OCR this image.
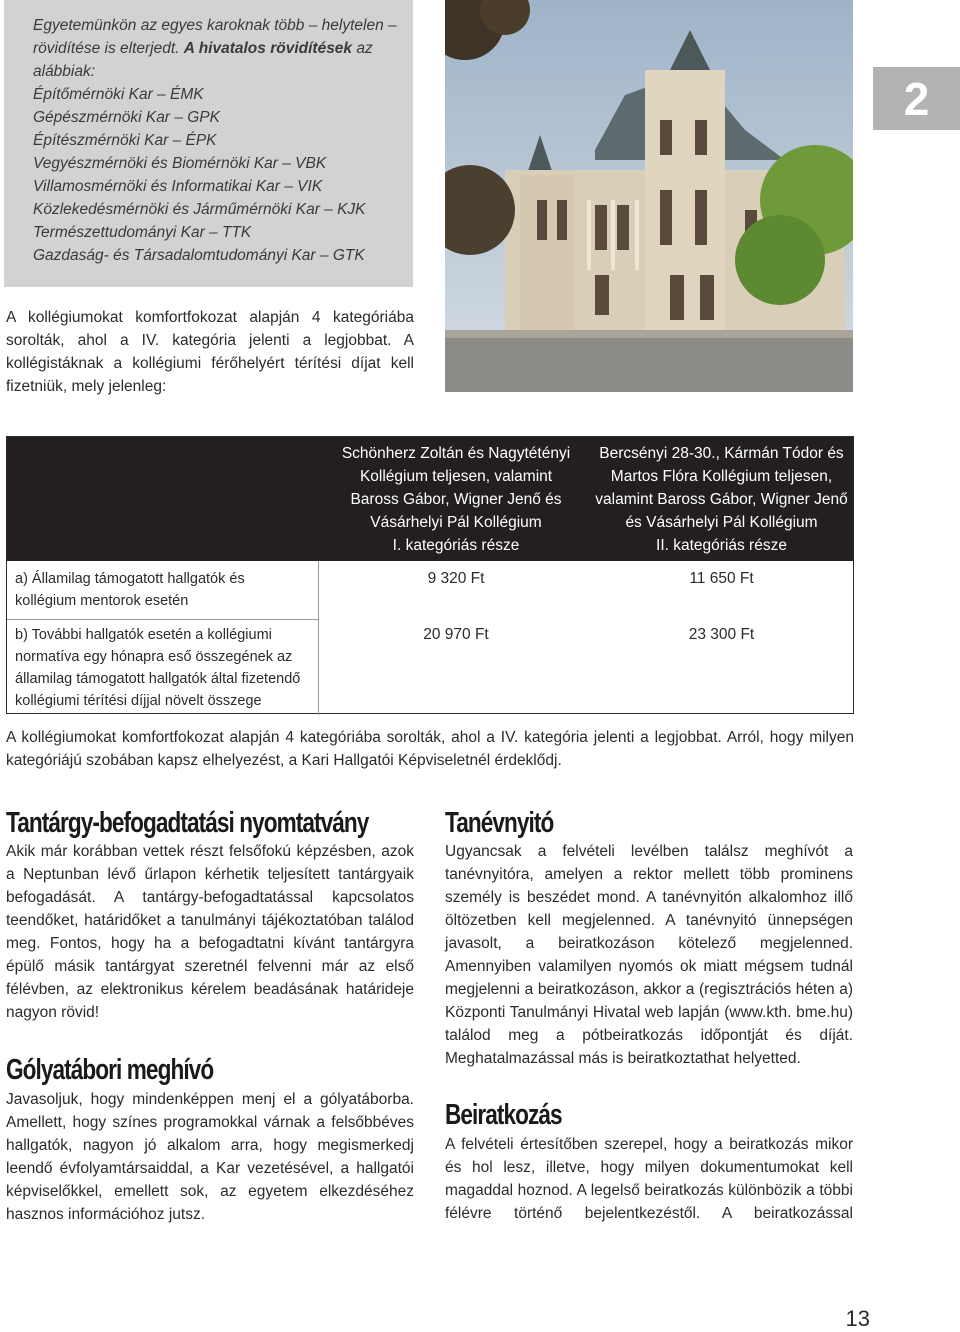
Egyetemünkön az egyes karoknak több – helytelen – rövidítése is elterjedt. A hivatalos rövidítések az alábbiak:

Építőmérnöki Kar – ÉMK
Gépészmérnöki Kar – GPK
Építészmérnöki Kar – ÉPK
Vegyészmérnöki és Biomérnöki Kar – VBK
Villamosmérnöki és Informatikai Kar – VIK
Közlekedésmérnöki és Járműmérnöki Kar – KJK
Természettudományi Kar – TTK
Gazdaság- és Társadalomtudományi Kar – GTK
2

A kollégiumokat komfortfokozat alapján 4 kategóriába sorolták, ahol a IV. kategória jelenti a legjobbat. A kollégistáknak a kollégiumi férőhelyért térítési díjat kell fizetniük, mely jelenleg:

Schönherz Zoltán és Nagytétényi
Kollégium teljesen, valamint
Baross Gábor, Wigner Jenő és
Vásárhelyi Pál Kollégium
I. kategóriás része
Bercsényi 28-30., Kármán Tódor és
Martos Flóra Kollégium teljesen,
valamint Baross Gábor, Wigner Jenő
és Vásárhelyi Pál Kollégium
II. kategóriás része
a) Államilag támogatott hallgatók és
kollégium mentorok esetén
9 320 Ft	11 650 Ft
b) További hallgatók esetén a kollégiumi
normatíva egy hónapra eső összegének az
államilag támogatott hallgatók által fizetendő
kollégiumi térítési díjjal növelt összege
20 970 Ft	23 300 Ft

A kollégiumokat komfortfokozat alapján 4 kategóriába sorolták, ahol a IV. kategória jelenti a legjobbat. Arról, hogy milyen kategóriájú szobában kapsz elhelyezést, a Kari Hallgatói Képviseletnél érdeklődj.

Tantárgy-befogadtatási nyomtatvány

Akik már korábban vettek részt felsőfokú képzésben, azok a Neptunban lévő űrlapon kérhetik teljesített tantárgyaik befogadását. A tantárgy-befogadtatással kapcsolatos teendőket, határidőket a tanulmányi tájékoztatóban találod meg. Fontos, hogy ha a befogadtatni kívánt tantárgyra épülő másik tantárgyat szeretnél felvenni már az első félévben, az elektronikus kérelem beadásának határideje nagyon rövid!

Gólyatábori meghívó

Javasoljuk, hogy mindenképpen menj el a gólyatáborba. Amellett, hogy színes programokkal várnak a felsőbbéves hallgatók, nagyon jó alkalom arra, hogy megismerkedj leendő évfolyamtársaiddal, a Kar vezetésével, a hallgatói képviselőkkel, emellett sok, az egyetem elkezdéséhez hasznos információhoz jutsz.

Tanévnyitó

Ugyancsak a felvételi levélben találsz meghívót a tanévnyitóra, amelyen a rektor mellett több prominens személy is beszédet mond. A tanévnyitón alkalomhoz illő öltözetben kell megjelenned. A tanévnyitó ünnepségen javasolt, a beiratkozáson kötelező megjelenned. Amennyiben valamilyen nyomós ok miatt mégsem tudnál megjelenni a beiratkozáson, akkor a (regisztrációs héten a) Központi Tanulmányi Hivatal web lapján (www.kth. bme.hu) találod meg a pótbeiratkozás időpontját és díját. Meghatalmazással más is beiratkoztathat helyetted.

Beiratkozás

A felvételi értesítőben szerepel, hogy a beiratkozás mikor és hol lesz, illetve, hogy milyen dokumentumokat kell magaddal hoznod. A legelső beiratkozás különbözik a többi félévre történő bejelentkezéstől. A beiratkozással

13
